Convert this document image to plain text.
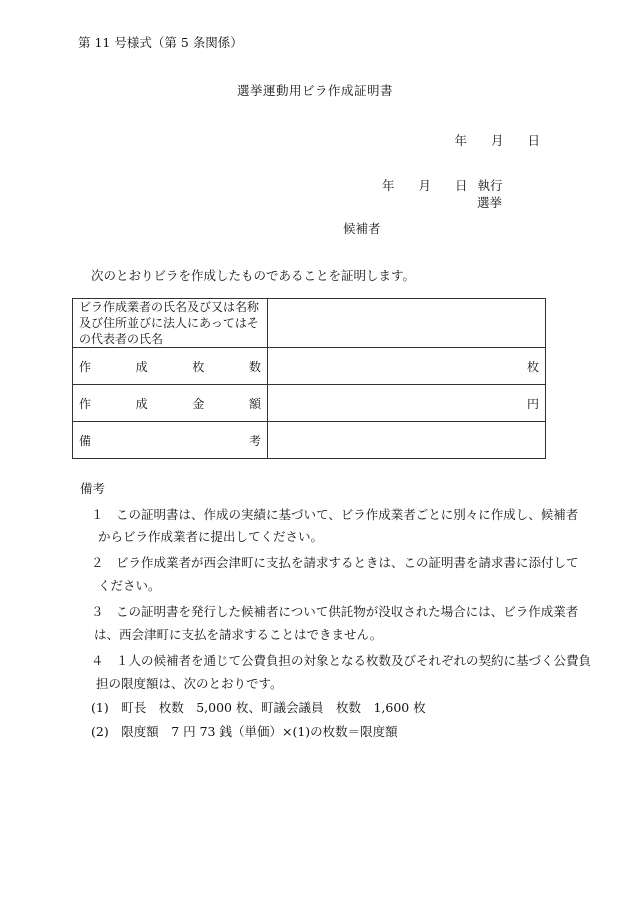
第 11 号様式（第 5 条関係）
選挙運動用ビラ作成証明書
年 月 日
年 月 日 執行
選挙
候補者
次のとおりビラを作成したものであることを証明します。
ビラ作成業者の氏名及び又は名称
及び住所並びに法人にあってはそ
の代表者の氏名	

作 成 枚 数	枚

作 成 金 額	円

備 考	

備考
１　この証明書は、作成の実績に基づいて、ビラ作成業者ごとに別々に作成し、候補者
からビラ作成業者に提出してください。
２　ビラ作成業者が西会津町に支払を請求するときは、この証明書を請求書に添付して
ください。
３　この証明書を発行した候補者について供託物が没収された場合には、ビラ作成業者
は、西会津町に支払を請求することはできません。
４　１人の候補者を通じて公費負担の対象となる枚数及びそれぞれの契約に基づく公費負
担の限度額は、次のとおりです。
(1)　町長　枚数　5,000 枚、町議会議員　枚数　1,600 枚
(2)　限度額　7 円 73 銭（単価）×(1)の枚数＝限度額
